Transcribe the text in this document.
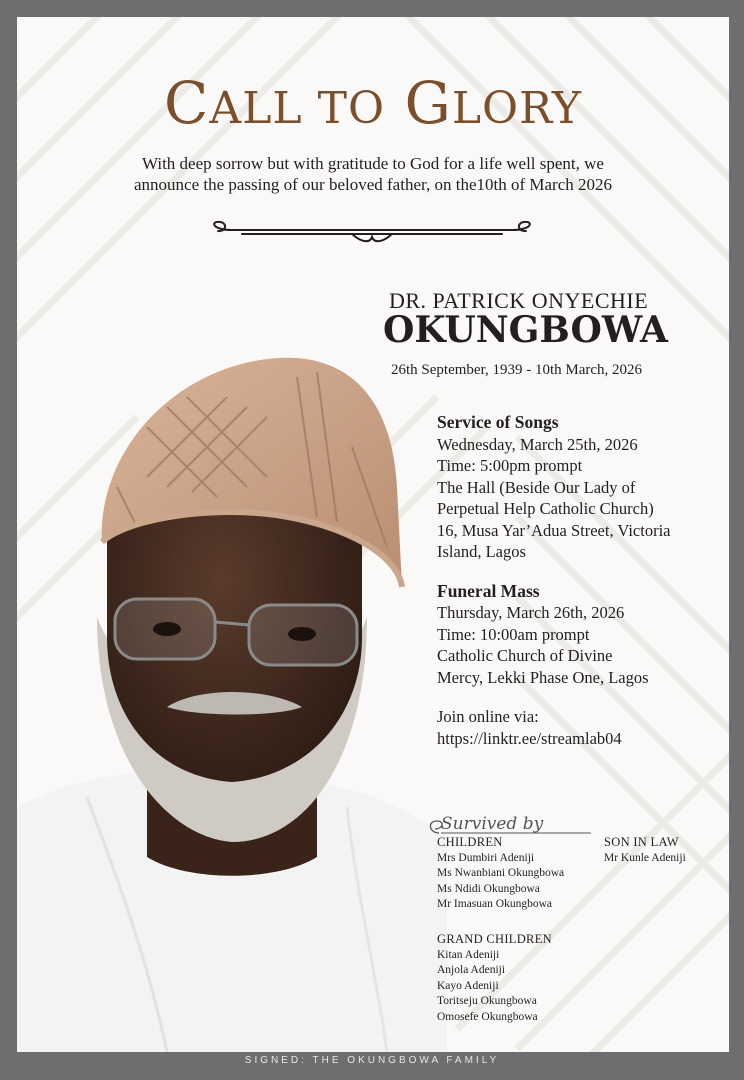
CALL TO GLORY
With deep sorrow but with gratitude to God for a life well spent, we
announce the passing of our beloved father, on the10th of March 2026
DR. PATRICK ONYECHIE
OKUNGBOWA
26th September, 1939 - 10th March, 2026
Service of Songs
Wednesday, March 25th, 2026
Time: 5:00pm prompt
The Hall (Beside Our Lady of
Perpetual Help Catholic Church)
16, Musa Yar’Adua Street, Victoria
Island, Lagos
Funeral Mass
Thursday, March 26th, 2026
Time: 10:00am prompt
Catholic Church of Divine
Mercy, Lekki Phase One, Lagos
Join online via:
https://linktr.ee/streamlab04
Survived by
CHILDREN
Mrs Dumbiri Adeniji
Ms Nwanbiani Okungbowa
Ms Ndidi Okungbowa
Mr Imasuan Okungbowa
SON IN LAW
Mr Kunle Adeniji
GRAND CHILDREN
Kitan Adeniji
Anjola Adeniji
Kayo Adeniji
Toritseju Okungbowa
Omosefe Okungbowa
SIGNED: THE OKUNGBOWA FAMILY
